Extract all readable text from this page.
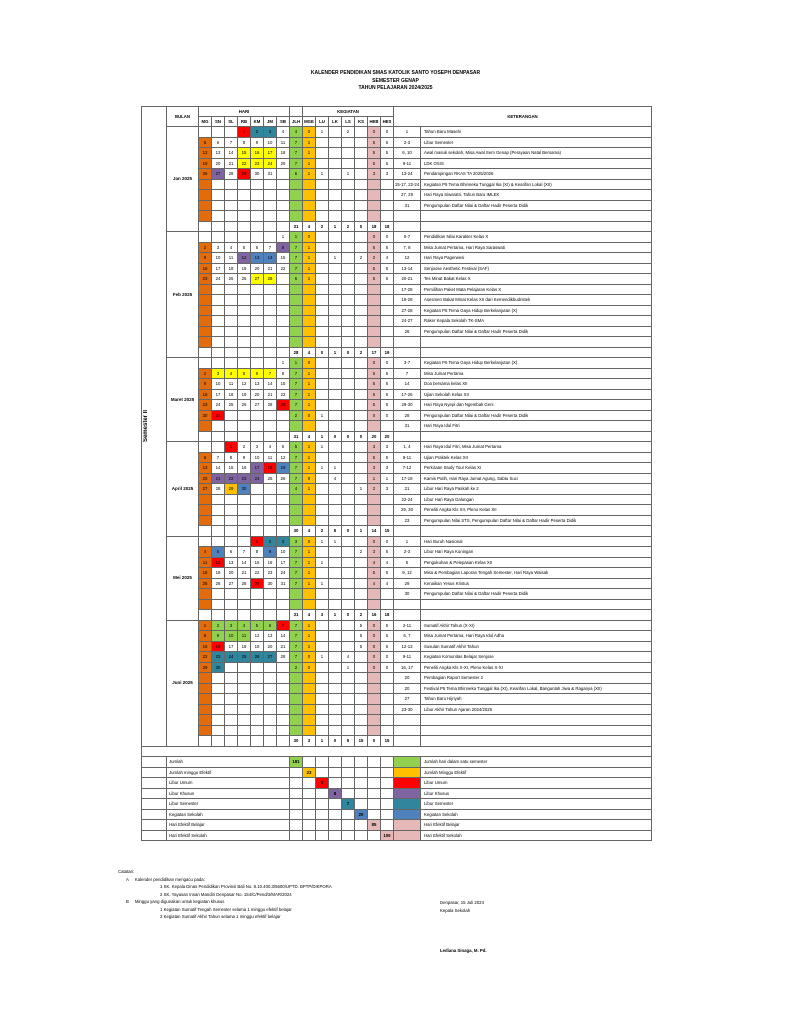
KALENDER PENDIDIKAN SMAS KATOLIK SANTO YOSEPH DENPASAR
SEMESTER GENAP
TAHUN PELAJARAN 2024/2025
Semester II	BULAN	HARI								KEGIATAN							KETERANGAN	
		MG	SN	SL	RB	KM	JM	SB	JLH	MGE	LU	LK	LS	KS	HEB	HES		
	Jan 2025				1	2	3	4	4	0	1		2		0	0	1	Tahun Baru Masehi
		5	6	7	8	9	10	11	7	1					5	5	2-3	Libur Semester
		12	13	14	15	16	17	18	7	1					5	5	6, 10	Awal masuk sekolah, Misa Awal Sem Genap (Perayaan Natal Bersama)
		19	20	21	22	23	24	25	7	1					5	5	9-11	LDK OSIS
		26	27	28	29	30	31		6	1	1		1		3	3	13-24	Pendampingan RKAS TA 2025/2026
																	15-17, 22-24	Kegiatan P5 Tema Bhinneka Tunggal Ika (XI) & Kearifan Lokal (XII)
																	27, 29	Hari Raya Siwaratri, Tahun Baru IMLEK
																	31	Pengumpulan Daftar Nilai & Daftar Hadir Peserta Didik

									31	4	2	1	2	0	18	18		
	Feb 2025							1	1	0					0	0	5-7	Pendidikan Nilai Karakter Kelas X
		2	3	4	5	6	7	8	7	1					5	5	7, 8	Misa Jumat Pertama, Hari Raya Saraswati
		9	10	11	12	13	14	15	7	1		1		2	2	4	12	Hari Raya Pagerwesi
		16	17	18	19	20	21	22	7	1					5	5	13-14	Senjoose Aesthetic Festival (SAF)
		23	24	25	26	27	28		6	1					5	5	20-21	Tes Minat Bakat Kelas X
																	17-28	Pemilihan Paket Mata Pelajaran Kelas X
																	19-28	Asesmen Bakat Minat Kelas XII dari Kemendikbudristek
																	27-28	Kegiatan P5 Tema Gaya Hidup Berkelanjutan (X)
																	24-27	Raker Kepala Sekolah TK-SMA
																	28	Pengumpulan Daftar Nilai & Daftar Hadir Peserta Didik

									28	4	0	1	0	2	17	19		
	Maret 2025							1	1	0					0	0	3-7	Kegiatan P5 Tema Gaya Hidup Berkelanjutan (X)
		2	3	4	5	6	7	8	7	1					5	5	7	Misa Jumat Pertama
		9	10	11	12	13	14	15	7	1					5	5	14	Doa bersama kelas XII
		16	17	18	19	20	21	22	7	1					5	5	17-26	Ujian Sekolah Kelas XII
		23	24	25	26	27	28	29	7	1					5	5	29-30	Hari Raya Nyepi dan Ngembak Geni
		30	31						2	0	1				0	0	28	Pengumpulan Daftar Nilai & Daftar Hadir Peserta Didik
																	31	Hari Raya Idul Fitri
									31	4	1	0	0	0	20	20		
	April 2025			1	2	3	4	5	5	1	1				3	3	1, 4	Hari Raya Idul Fitri, Misa Jumat Pertama
		6	7	8	9	10	11	12	7	1					5	5	8-11	Ujian Praktek Kelas XII
		13	14	15	16	17	18	19	7	1	1	1			3	3	7-12	Perkiraan Study Tour Kelas XI
		20	21	22	23	24	25	26	7	0		4			1	1	17-19	Kamis Putih, Hari Raya Jumat Agung, Sabtu Suci
		27	28	29	30				4	1				1	2	3	21	Libur Hari Raya Paskah ke 2
																	22-24	Libur Hari Raya Galungan
																	29, 30	Peneliti Angka Kls XII, Pleno Kelas XII
																	23	Pengumpulan Nilai STS, Pengumpulan Daftar Nilai & Daftar Hadir Peserta Didik
									30	4	2	5	0	1	14	15		
	Mei 2025					1	2	3	3	0	1	1			0	0	1	Hari Buruh Nasional
		4	5	6	7	8	9	10	7	1				2	3	5	2-3	Libur Hari Raya Kuningan
		11	12	13	14	15	16	17	7	1	1				4	4	5	Pengukuhan & Pelepasan Kelas XII
		18	19	20	21	22	23	24	7	1					5	5	9, 12	Misa & Pembagian Laporan Tengah Semester, Hari Raya Waisak
		25	26	27	28	29	30	31	7	1	1				4	4	29	Kenaikan Yesus Kristus
																	30	Pengumpulan Daftar Nilai & Daftar Hadir Peserta Didik

									31	4	3	1	0	2	16	18		
	Juni 2025	1	2	3	4	5	6	7	7	1				5	0	5	2-11	Sumatif Akhir Tahun (X-XI)
		8	9	10	11	12	13	14	7	1				5	0	5	6, 7	Misa Jumat Pertama, Hari Raya Idul Adha
		15	16	17	18	19	20	21	7	1				5	0	5	12-13	Susulan Sumatif Akhir Tahun
		22	23	24	25	26	27	28	7	0	1		4		0	0	9-11	Kegiatan Komunitas Belajar Senjose
		29	30						2	0			1		0	0	16, 17	Peneliti Angka Kls X-XI, Pleno Kelas X-XI
																	20	Pembagian Raport Semester 2
																	20	Festival P5 Tema Bhinneka Tunggal Ika (XI), Kearifan Lokal, Bangunlah Jiwa & Raganya (XII)
																	27	Tahun Baru Hijriyah
																	23-30	Libur Akhir Tahun Ajaran 2024/2025

									30	3	1	0	5	15	0	15		

	Jumlah								181									Jumlah hari dalam satu semester
	Jumlah minggu Efektif									23								Jumlah Minggu Efektif
	Libur Umum										9							Libur Umum
	Libur Khusus											8						Libur Khusus
	Libur Semester												7					Libur Semester
	Kegiatan Sekolah													20				Kegiatan Sekolah
	Hari Efektif Belajar														85			Hari Efektif Belajar
	Hari Efektif Sekolah															105		Hari Efektif Sekolah
Catatan:
A Kalender pendidikan mengacu pada:
1 SK. Kepala Dinas Pendidikan Provinsi Bali No. 8.10.400.3/5600/UPTD. BPTP/DIKPORA
2 SK. Yayasan Insan Mandiri Denpasar No. 154/C/Pend/3/MAR/2024
B Minggu yang digunakan untuk kegiatan khusus
1 Kegiatan Sumatif Tengah Semester selama 1 minggu efektif belajar
2 Kegiatan Sumatif Akhir Tahun selama 1 minggu efektif belajar
Denpasar, 15 Juli 2024
Kepala Sekolah
Lediana Sinaga, M. Pd.
